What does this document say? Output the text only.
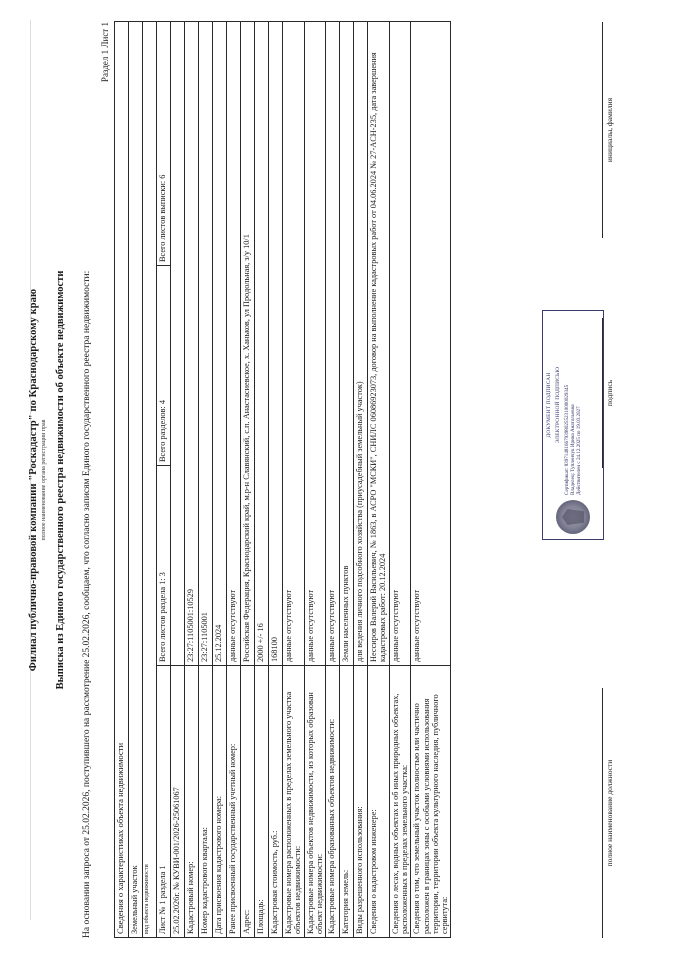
Филиал публично-правовой компании "Роскадастр" по Краснодарскому краю полное наименование органа регистрации прав Выписка из Единого государственного реестра недвижимости об объекте недвижимости На основании запроса от 25.02.2026, поступившего на рассмотрение 25.02.2026, сообщаем, что согласно записям Единого государственного реестра недвижимости:
Раздел 1 Лист 1
Сведения о характеристиках объекта недвижимости			
Земельный участок			
вид объекта недвижимости			
Лист № 1 раздела 1	Всего листов раздела 1: 3	Всего разделов: 4	Всего листов выписки: 6
25.02.2026г. № КУВИ-001/2026-25061067			
Кадастровый номер:	23:27:1105001:10529		
Номер кадастрового квартала:	23:27:1105001		
Дата присвоения кадастрового номера:	25.12.2024		
Ранее присвоенный государственный учетный номер:	данные отсутствуют		
Адрес:	Российская Федерация, Краснодарский край, м.р-н Славянский, с.п. Анастасиевское, х. Ханьков, ул Продольная, з/у 10/1		
Площадь:	2000 +/- 16		
Кадастровая стоимость, руб.:	168100		
Кадастровые номера расположенных в пределах земельного участка объектов недвижимости:	данные отсутствуют		
Кадастровые номера объектов недвижимости, из которых образован объект недвижимости:	данные отсутствуют		
Кадастровые номера образованных объектов недвижимости:	данные отсутствуют		
Категория земель:	Земли населенных пунктов		
Виды разрешенного использования:	для ведения личного подсобного хозяйства (приусадебный земельный участок)		
Сведения о кадастровом инженере:	Нессиров Валерий Васильевич, № 1863, в АСРО "МСКИ", СНИЛС 06086923073, договор на выполнение кадастровых работ от 04.06.2024 № 27-ACH-235, дата завершения кадастровых работ: 20.12.2024		
Сведения о лесах, водных объектах и об иных природных объектах, расположенных в пределах земельного участка:	данные отсутствуют		
Сведения о том, что земельный участок полностью или частично расположен в границах зоны с особыми условиями использования территории, территории объекта культурного наследия, публичного сервитута:	данные отсутствуют		
полное наименование должности
подпись
инициалы, фамилия
ДОКУМЕНТ ПОДПИСАН ЭЛЕКТРОННОЙ ПОДПИСЬЮ Сертификат: 83971481667939802552310000029345 Владелец: Тупленчук Ирина Анатольевна Действителен с 24.12.2025 по 19.03.2027
